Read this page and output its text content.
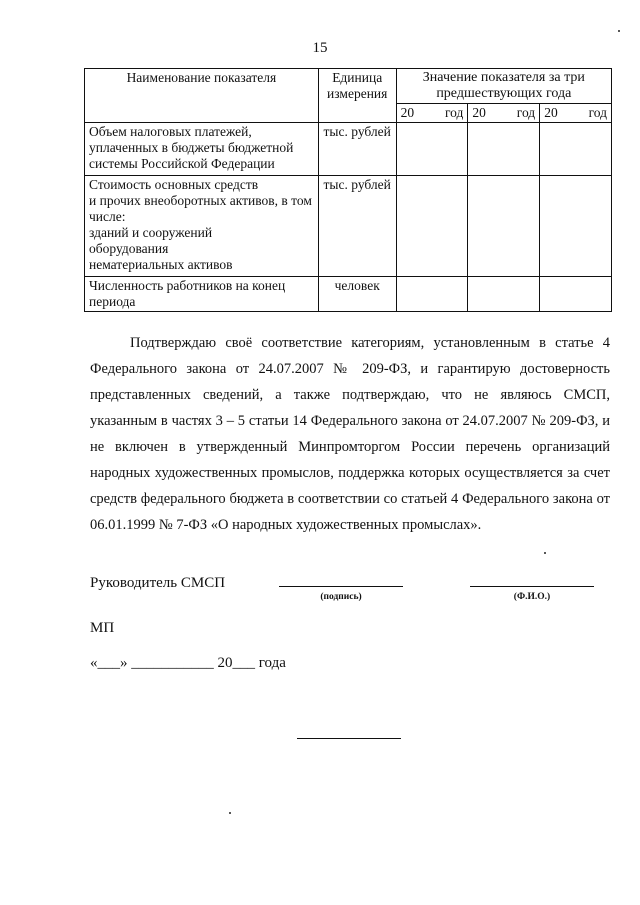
15
Наименование показателя	Единица измерения	Значение показателя за три предшествующих года		
		20 год	20 год	20 год

Объем налоговых платежей, уплаченных в бюджеты бюджетной системы Российской Федерации	тыс. рублей			
Стоимость основных средств
и прочих внеоборотных активов, в том числе:
зданий и сооружений
оборудования
нематериальных активов	тыс. рублей			
Численность работников на конец периода	человек			
Подтверждаю своё соответствие категориям, установленным в статье 4 Федерального закона от 24.07.2007 № 209-ФЗ, и гарантирую достоверность представленных сведений, а также подтверждаю, что не являюсь СМСП, указанным в частях 3 – 5 статьи 14 Федерального закона от 24.07.2007 № 209-ФЗ, и не включен в утвержденный Минпромторгом России перечень организаций народных художественных промыслов, поддержка которых осуществляется за счет средств федерального бюджета в соответствии со статьей 4 Федерального закона от 06.01.1999 № 7-ФЗ «О народных художественных промыслах».
Руководитель СМСП
(подпись)	(Ф.И.О.)
МП
«___» ___________ 20___ года
